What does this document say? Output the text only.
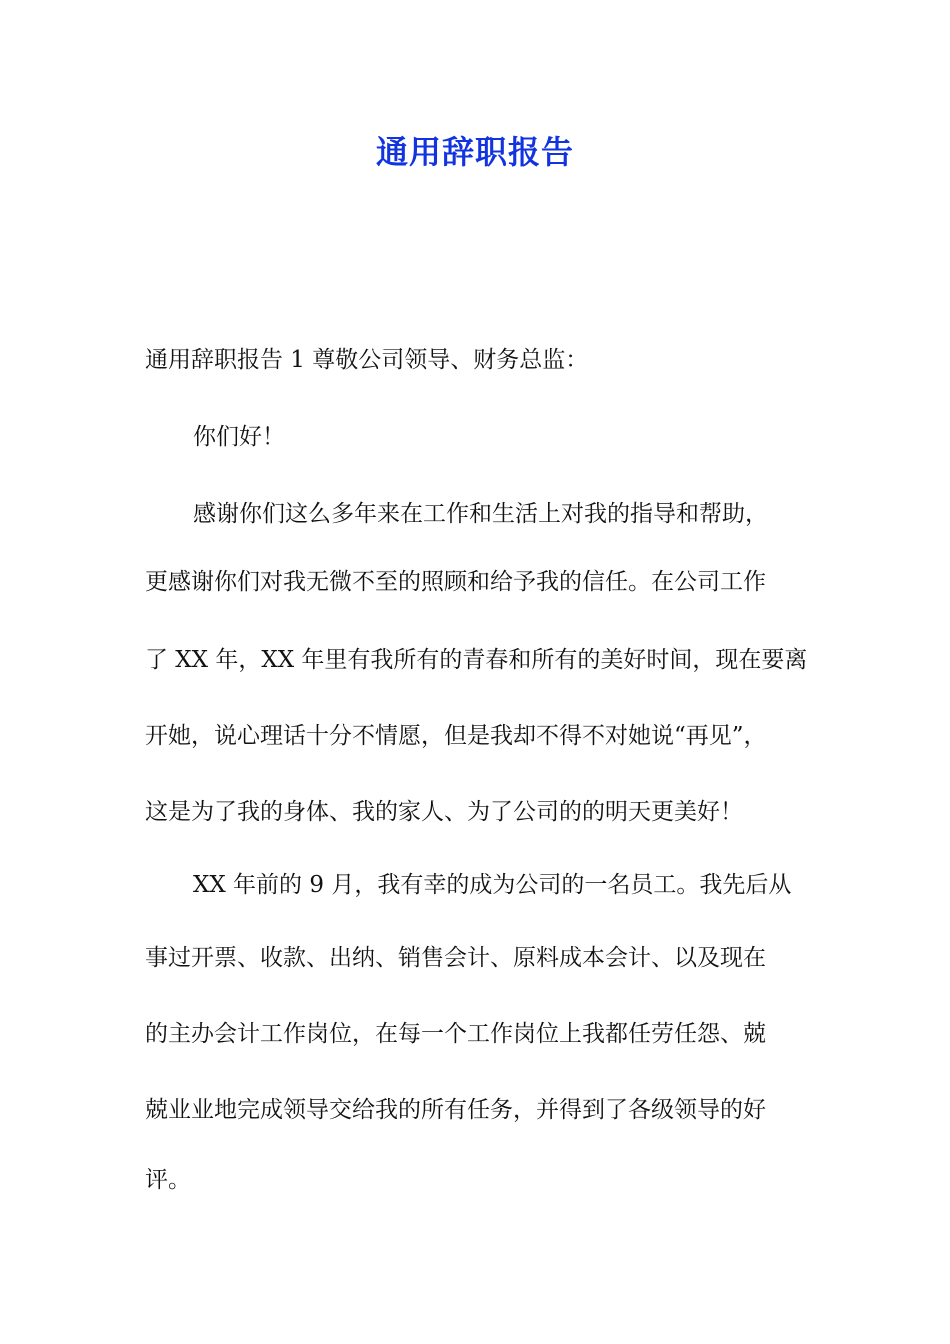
通用辞职报告
通用辞职报告 1 尊敬公司领导、财务总监：
你们好！
感谢你们这么多年来在工作和生活上对我的指导和帮助，
更感谢你们对我无微不至的照顾和给予我的信任。在公司工作
了 XX 年，XX 年里有我所有的青春和所有的美好时间，现在要离
开她，说心理话十分不情愿，但是我却不得不对她说“再见”，
这是为了我的身体、我的家人、为了公司的的明天更美好！
XX 年前的 9 月，我有幸的成为公司的一名员工。我先后从
事过开票、收款、出纳、销售会计、原料成本会计、以及现在
的主办会计工作岗位，在每一个工作岗位上我都任劳任怨、兢
兢业业地完成领导交给我的所有任务，并得到了各级领导的好
评。
